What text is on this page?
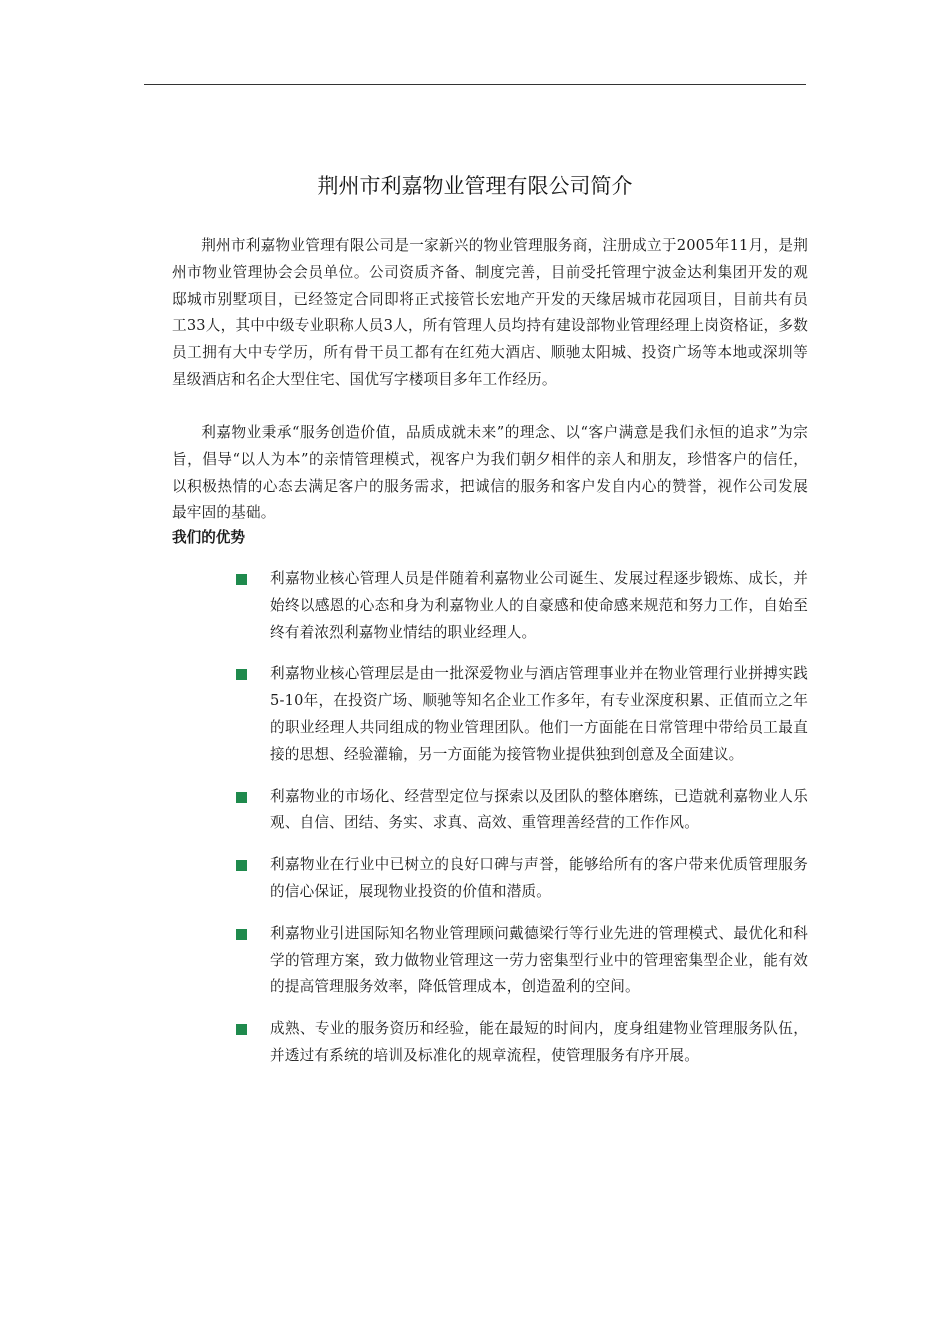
荆州市利嘉物业管理有限公司简介

荆州市利嘉物业管理有限公司是一家新兴的物业管理服务商，注册成立于2005年11月，是荆州市物业管理协会会员单位。公司资质齐备、制度完善，目前受托管理宁波金达利集团开发的观邸城市别墅项目，已经签定合同即将正式接管长宏地产开发的天缘居城市花园项目，目前共有员工33人，其中中级专业职称人员3人，所有管理人员均持有建设部物业管理经理上岗资格证，多数员工拥有大中专学历，所有骨干员工都有在红苑大酒店、顺驰太阳城、投资广场等本地或深圳等星级酒店和名企大型住宅、国优写字楼项目多年工作经历。

利嘉物业秉承“服务创造价值，品质成就未来”的理念、以“客户满意是我们永恒的追求”为宗旨，倡导“以人为本”的亲情管理模式，视客户为我们朝夕相伴的亲人和朋友，珍惜客户的信任，以积极热情的心态去满足客户的服务需求，把诚信的服务和客户发自内心的赞誉，视作公司发展最牢固的基础。

我们的优势
利嘉物业核心管理人员是伴随着利嘉物业公司诞生、发展过程逐步锻炼、成长，并始终以感恩的心态和身为利嘉物业人的自豪感和使命感来规范和努力工作，自始至终有着浓烈利嘉物业情结的职业经理人。
利嘉物业核心管理层是由一批深爱物业与酒店管理事业并在物业管理行业拼搏实践5-10年，在投资广场、顺驰等知名企业工作多年，有专业深度积累、正值而立之年的职业经理人共同组成的物业管理团队。他们一方面能在日常管理中带给员工最直接的思想、经验灌输，另一方面能为接管物业提供独到创意及全面建议。
利嘉物业的市场化、经营型定位与探索以及团队的整体磨练，已造就利嘉物业人乐观、自信、团结、务实、求真、高效、重管理善经营的工作作风。
利嘉物业在行业中已树立的良好口碑与声誉，能够给所有的客户带来优质管理服务的信心保证，展现物业投资的价值和潜质。
利嘉物业引进国际知名物业管理顾问戴德梁行等行业先进的管理模式、最优化和科学的管理方案，致力做物业管理这一劳力密集型行业中的管理密集型企业，能有效的提高管理服务效率，降低管理成本，创造盈利的空间。
成熟、专业的服务资历和经验，能在最短的时间内，度身组建物业管理服务队伍，并透过有系统的培训及标准化的规章流程，使管理服务有序开展。
